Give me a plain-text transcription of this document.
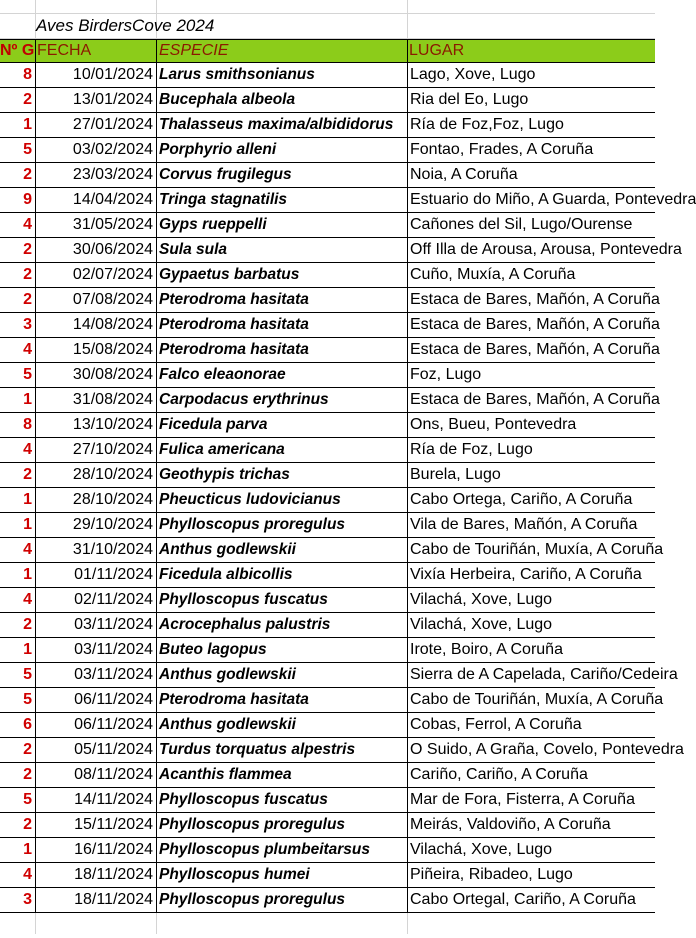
Aves BirdersCove 2024
Nº G FECHA	ESPECIE	LUGAR
8	10/01/2024 Larus smithsonianus	Lago, Xove, Lugo
2	13/01/2024 Bucephala albeola	Ria del Eo, Lugo
1	27/01/2024 Thalasseus maxima/albididorus	Ría de Foz,Foz, Lugo
5	03/02/2024 Porphyrio alleni	Fontao, Frades, A Coruña
2	23/03/2024 Corvus frugilegus	Noia, A Coruña
9	14/04/2024 Tringa stagnatilis	Estuario do Miño, A Guarda, Pontevedra
4	31/05/2024 Gyps rueppelli	Cañones del Sil, Lugo/Ourense
2	30/06/2024 Sula sula	Off Illa de Arousa, Arousa, Pontevedra
2	02/07/2024 Gypaetus barbatus	Cuño, Muxía, A Coruña
2	07/08/2024 Pterodroma hasitata	Estaca de Bares, Mañón, A Coruña
3	14/08/2024 Pterodroma hasitata	Estaca de Bares, Mañón, A Coruña
4	15/08/2024 Pterodroma hasitata	Estaca de Bares, Mañón, A Coruña
5	30/08/2024 Falco eleaonorae	Foz, Lugo
1	31/08/2024 Carpodacus erythrinus	Estaca de Bares, Mañón, A Coruña
8	13/10/2024 Ficedula parva	Ons, Bueu, Pontevedra
4	27/10/2024 Fulica americana	Ría de Foz, Lugo
2	28/10/2024 Geothypis trichas	Burela, Lugo
1	28/10/2024 Pheucticus ludovicianus	Cabo Ortega, Cariño, A Coruña
1	29/10/2024 Phylloscopus proregulus	Vila de Bares, Mañón, A Coruña
4	31/10/2024 Anthus godlewskii	Cabo de Touriñán, Muxía, A Coruña
1	01/11/2024 Ficedula albicollis	Vixía Herbeira, Cariño, A Coruña
4	02/11/2024 Phylloscopus fuscatus	Vilachá, Xove, Lugo
2	03/11/2024 Acrocephalus palustris	Vilachá, Xove, Lugo
1	03/11/2024 Buteo lagopus	Irote, Boiro, A Coruña
5	03/11/2024 Anthus godlewskii	Sierra de A Capelada, Cariño/Cedeira
5	06/11/2024 Pterodroma hasitata	Cabo de Touriñán, Muxía, A Coruña
6	06/11/2024 Anthus godlewskii	Cobas, Ferrol, A Coruña
2	05/11/2024 Turdus torquatus alpestris	O Suido, A Graña, Covelo, Pontevedra
2	08/11/2024 Acanthis flammea	Cariño, Cariño, A Coruña
5	14/11/2024 Phylloscopus fuscatus	Mar de Fora, Fisterra, A Coruña
2	15/11/2024 Phylloscopus proregulus	Meirás, Valdoviño, A Coruña
1	16/11/2024 Phylloscopus plumbeitarsus	Vilachá, Xove, Lugo
4	18/11/2024 Phylloscopus humei	Piñeira, Ribadeo, Lugo
3	18/11/2024 Phylloscopus proregulus	Cabo Ortegal, Cariño, A Coruña
